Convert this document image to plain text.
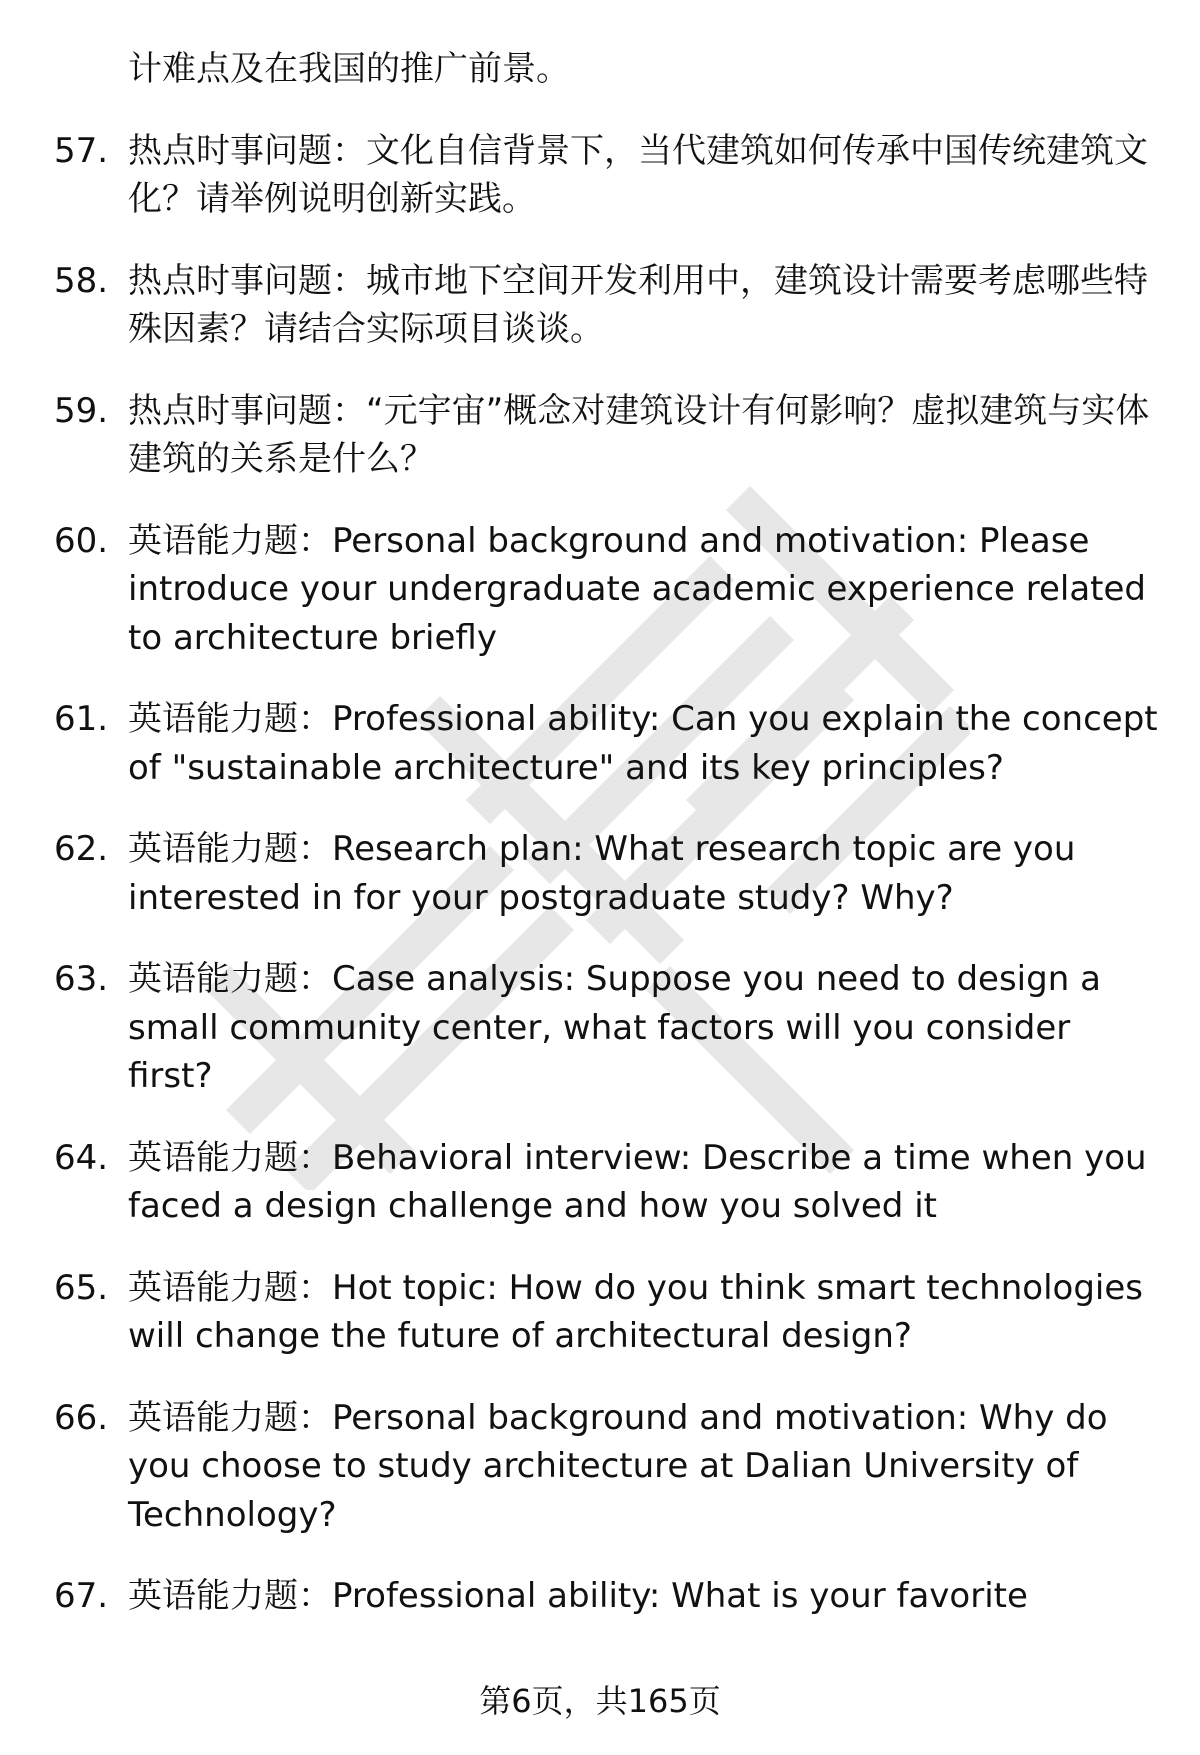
计难点及在我国的推广前景。
57. 热点时事问题：文化自信背景下，当代建筑如何传承中国传统建筑文化？请举例说明创新实践。
58. 热点时事问题：城市地下空间开发利用中，建筑设计需要考虑哪些特殊因素？请结合实际项目谈谈。
59. 热点时事问题：“元宇宙”概念对建筑设计有何影响？虚拟建筑与实体建筑的关系是什么？
60. 英语能力题：Personal background and motivation: Please introduce your undergraduate academic experience related to architecture briefly
61. 英语能力题：Professional ability: Can you explain the concept of "sustainable architecture" and its key principles?
62. 英语能力题：Research plan: What research topic are you interested in for your postgraduate study? Why?
63. 英语能力题：Case analysis: Suppose you need to design a small community center, what factors will you consider first?
64. 英语能力题：Behavioral interview: Describe a time when you faced a design challenge and how you solved it
65. 英语能力题：Hot topic: How do you think smart technologies will change the future of architectural design?
66. 英语能力题：Personal background and motivation: Why do you choose to study architecture at Dalian University of Technology?
67. 英语能力题：Professional ability: What is your favorite
第6页，共165页
